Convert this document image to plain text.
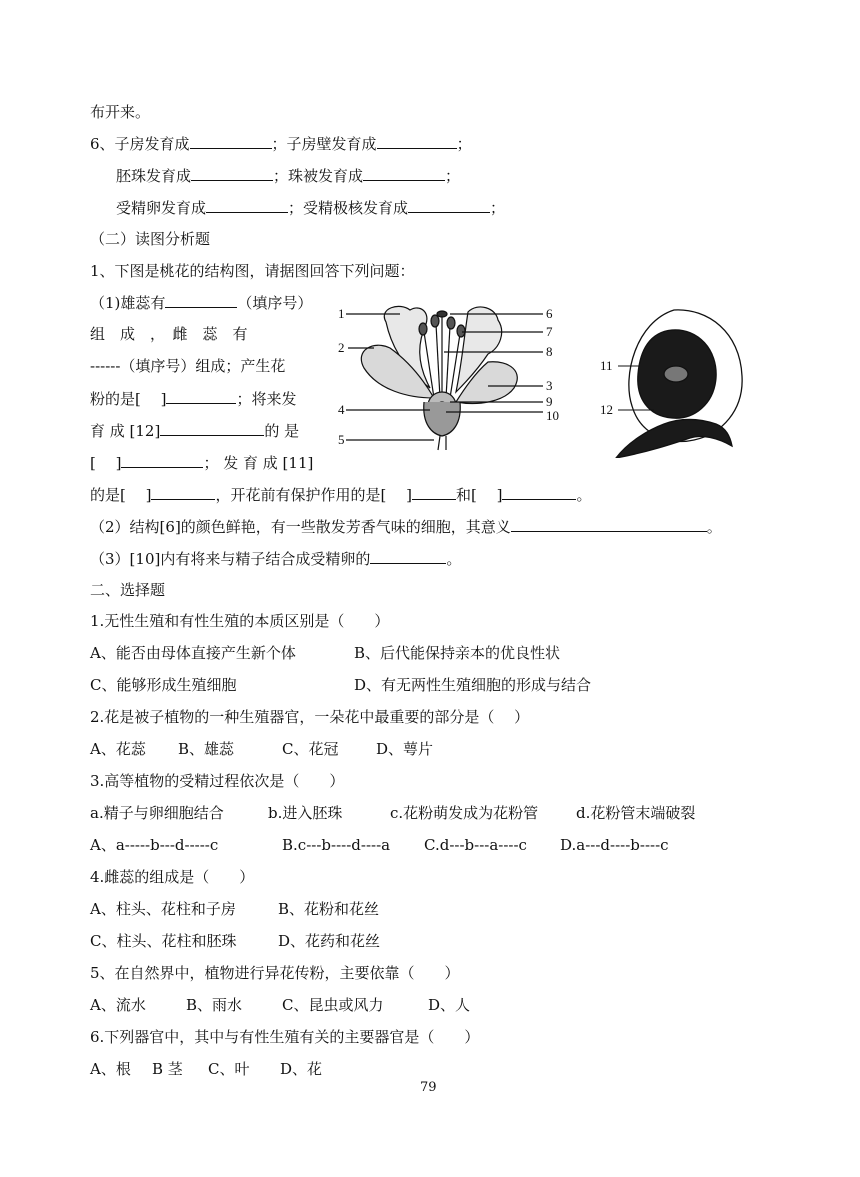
布开来。
6、子房发育成	；子房壁发育成	；
胚珠发育成	；珠被发育成	；
受精卵发育成	；受精极核发育成	；
（二）读图分析题
1、下图是桃花的结构图，请据图回答下列问题：
（1)雄蕊有	（填序号）
组　成　，　雌　蕊　有
------（填序号）组成；产生花
粉的是[　 ]	；将来发
育 成 [12]	的 是
[　 ]	； 发 育 成 [11]
的是[　 ]	，开花前有保护作用的是[　 ]	和[　 ]	。
（2）结构[6]的颜色鲜艳，有一些散发芳香气味的细胞，其意义	。
（3）[10]内有将来与精子结合成受精卵的	。
二、选择题
1.无性生殖和有性生殖的本质区别是（　　）
A、能否由母体直接产生新个体	B、后代能保持亲本的优良性状
C、能够形成生殖细胞	D、有无两性生殖细胞的形成与结合
2.花是被子植物的一种生殖器官，一朵花中最重要的部分是（　 ）
A、花蕊 B、雄蕊	C、花冠	D、萼片
3.高等植物的受精过程依次是（　　）
a.精子与卵细胞结合	b.进入胚珠	c.花粉萌发成为花粉管	d.花粉管末端破裂
A、a-----b---d-----c	B.c---b----d----a C.d---b---a----c D.a---d----b----c
4.雌蕊的组成是（　　）
A、柱头、花柱和子房	B、花粉和花丝
C、柱头、花柱和胚珠	D、花药和花丝
5、在自然界中，植物进行异花传粉，主要依靠（　　）
A、流水	B、雨水	C、昆虫或风力	D、人
6.下列器官中，其中与有性生殖有关的主要器官是（　　）
A、根 B 茎 C、叶 D、花
79
1
2
4
5
6
7
8
3
9
10
11
12
